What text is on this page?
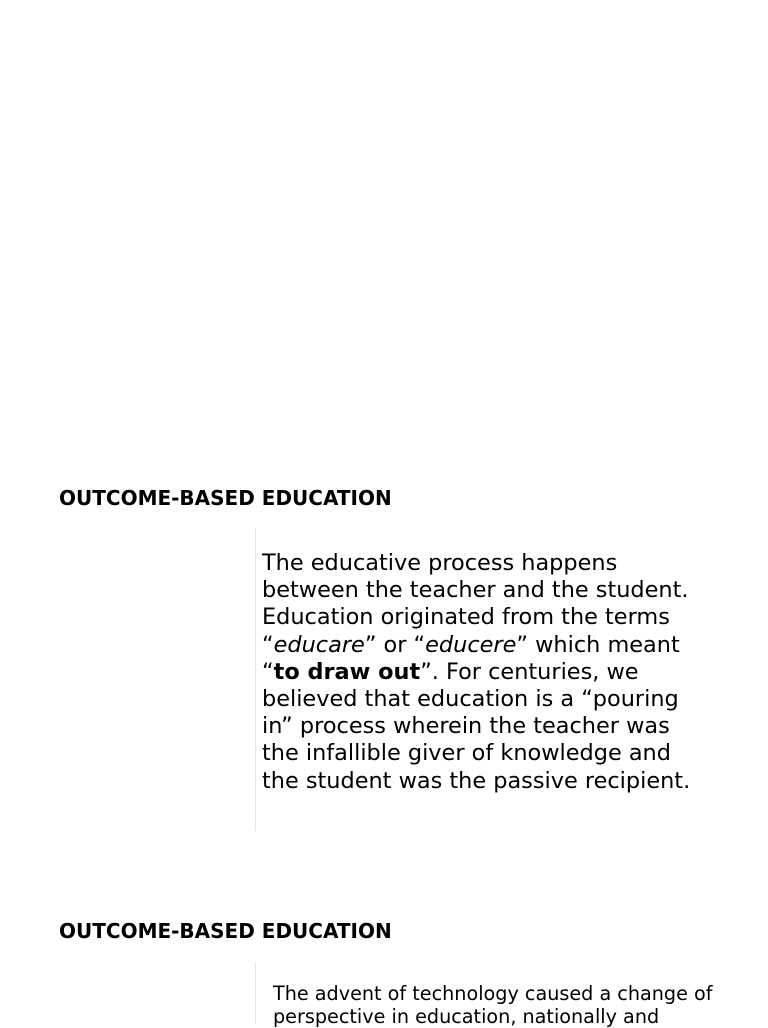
OUTCOME-BASED EDUCATION

The educative process happens
between the teacher and the student.
Education originated from the terms
“educare” or “educere” which meant
“to draw out”. For centuries, we
believed that education is a “pouring
in” process wherein the teacher was
the infallible giver of knowledge and
the student was the passive recipient.

OUTCOME-BASED EDUCATION

The advent of technology caused a change of
perspective in education, nationally and
